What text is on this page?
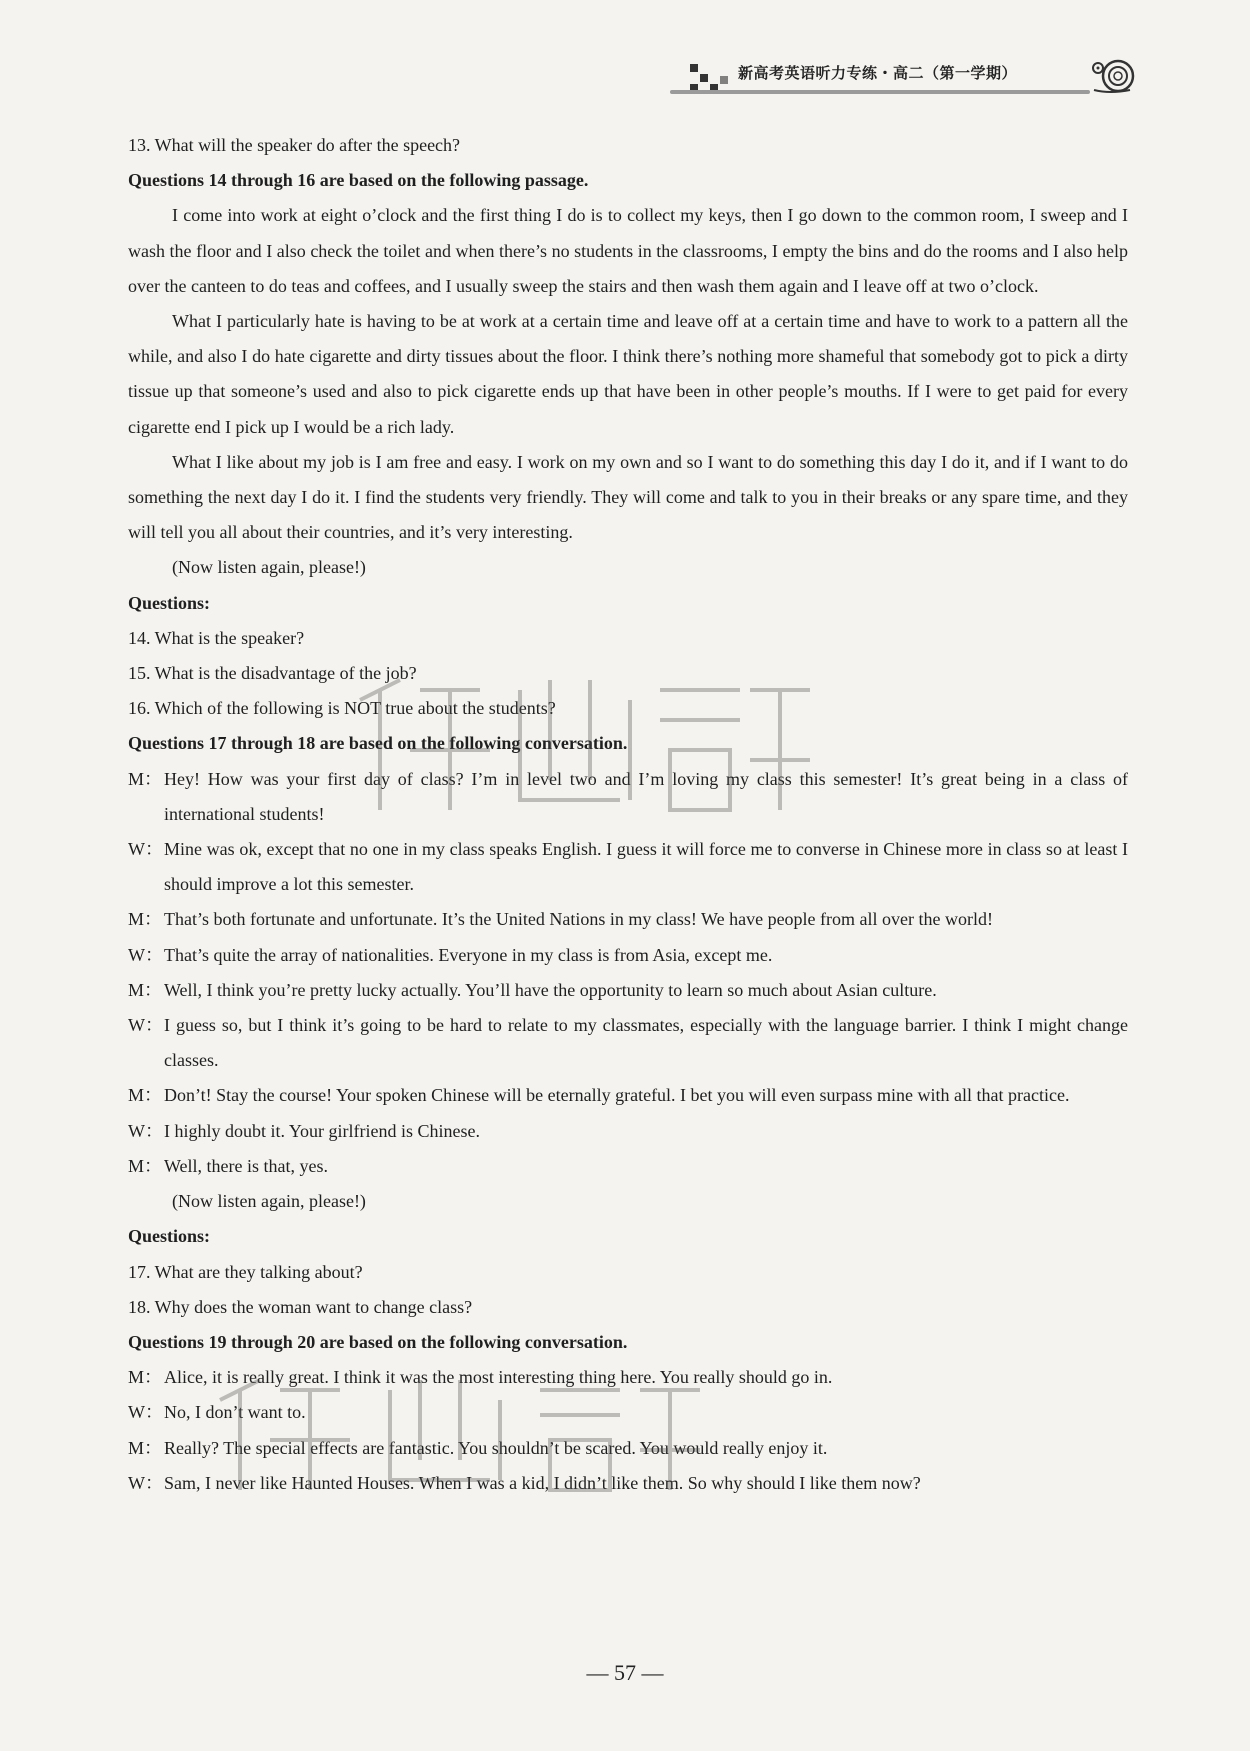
新高考英语听力专练・高二（第一学期）

13. What will the speaker do after the speech?

Questions 14 through 16 are based on the following passage.

I come into work at eight o’clock and the first thing I do is to collect my keys, then I go down to the common room, I sweep and I wash the floor and I also check the toilet and when there’s no students in the classrooms, I empty the bins and do the rooms and I also help over the canteen to do teas and coffees, and I usually sweep the stairs and then wash them again and I leave off at two o’clock.

What I particularly hate is having to be at work at a certain time and leave off at a certain time and have to work to a pattern all the while, and also I do hate cigarette and dirty tissues about the floor. I think there’s nothing more shameful that somebody got to pick a dirty tissue up that someone’s used and also to pick cigarette ends up that have been in other people’s mouths. If I were to get paid for every cigarette end I pick up I would be a rich lady.

What I like about my job is I am free and easy. I work on my own and so I want to do something this day I do it, and if I want to do something the next day I do it. I find the students very friendly. They will come and talk to you in their breaks or any spare time, and they will tell you all about their countries, and it’s very interesting.

(Now listen again, please!)

Questions:

14. What is the speaker?

15. What is the disadvantage of the job?

16. Which of the following is NOT true about the students?

Questions 17 through 18 are based on the following conversation.

M： Hey! How was your first day of class? I’m in level two and I’m loving my class this semester! It’s great being in a class of international students!
W： Mine was ok, except that no one in my class speaks English. I guess it will force me to converse in Chinese more in class so at least I should improve a lot this semester.
M： That’s both fortunate and unfortunate. It’s the United Nations in my class! We have people from all over the world!
W： That’s quite the array of nationalities. Everyone in my class is from Asia, except me.
M： Well, I think you’re pretty lucky actually. You’ll have the opportunity to learn so much about Asian culture.
W： I guess so, but I think it’s going to be hard to relate to my classmates, especially with the language barrier. I think I might change classes.
M： Don’t! Stay the course! Your spoken Chinese will be eternally grateful. I bet you will even surpass mine with all that practice.
W： I highly doubt it. Your girlfriend is Chinese.
M： Well, there is that, yes.

(Now listen again, please!)

Questions:

17. What are they talking about?

18. Why does the woman want to change class?

Questions 19 through 20 are based on the following conversation.

M： Alice, it is really great. I think it was the most interesting thing here. You really should go in.
W： No, I don’t want to.
M： Really? The special effects are fantastic. You shouldn’t be scared. You would really enjoy it.
W： Sam, I never like Haunted Houses. When I was a kid, I didn’t like them. So why should I like them now?
— 57 —
